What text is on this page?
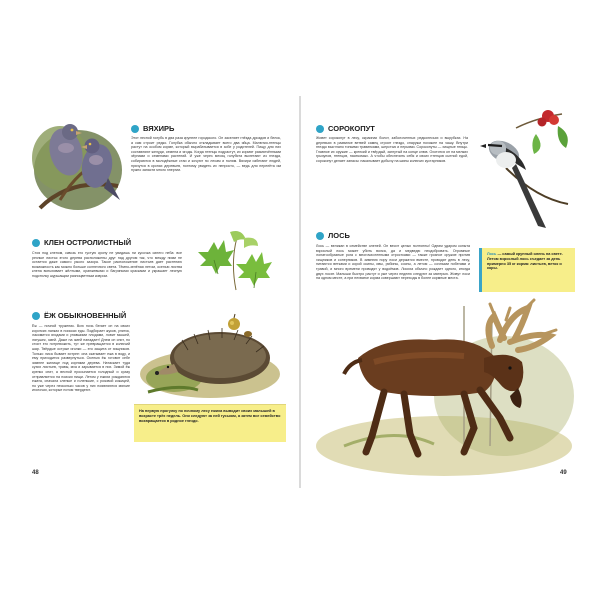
ВЯХИРЬ
Этот лесной голубь в два раза крупнее городского. Он заселяет гнёзда дроздов и белок, а сам строит редко. Голубка обычно откладывает всего два яйца. Малютки-птенцы растут на особом корме, который вырабатывается в зобе у родителей. Пищу для них составляют желуди, семена и ягоды. Когда птенцы подрастут, их кормят размягчёнными зёрнами и семенами растений. И уже через месяц голубята вылетают из гнезда, собираются в молодёжные стаи и кочуют по лесам и полям. Вяхири избегают людей, прячутся в кронах деревьев, поэтому увидеть их непросто, — ведь для перелёта им нужно запасти много энергии.
КЛЕН ОСТРОЛИСТНЫЙ
Стоя под кленом, сквозь его густую крону не увидишь ни кусочка синего неба: все резные листья этого дерева расположены друг над другом так, что между ними не остается даже самого узкого зазора. Такое расположение листьев дает растению возможность как можно больше солнечного света. Тёмно-зелёная летом, осенью листва клена вспыхивает жёлтыми, оранжевыми и багряными красками и украшает лесную подстилку шуршащим разноцветным ковром.
ЁЖ ОБЫКНОВЕННЫЙ
Ёж — ночной труженик. Всю ночь бегает он на своих коротких лапках в поисках еды. Подбирает жуков, улиток, лакомится ягодами и упавшими плодами, ловит мышей, лягушек, змей. Даже на змей нападает! Днем он спит, но стоит его потревожить, тут же превращается в колючий шар. Твёрдые острые иголки — его защита от хищников. Только лиса бывает хитрее: она скатывает ежа в воду, и ему приходится развернуться. Осенью ёж готовит себе зимнее жилище под корнями дерева. Натаскает туда сухих листьев, травы, мха и зарывается в них. Зимой ёж крепко спит, а весной просыпается голодный и сразу отправляется на поиски пищи. Летом у ежихи рождаются ежата, сначала слепые и голенькие, с розовой кожицей, но уже через несколько часов у них появляются мягкие иголочки, которые потом твердеют.
На первую прогулку по ночному лесу ежиха выводит своих малышей в возрасте трёх недель. Они следуют за ней гуськом, а затем все семейство возвращается в родное гнездо.
48
СОРОКОПУТ
Живет сорокопут в лесу, окраинах болот, заболоченных редколесьях и вырубках. На деревьях в развилке ветвей самец строит гнездо, снаружи похожее на чашу. Внутри гнездо выстлано тонкими травинками, шерстью и перьями. Сорокопуты — хищные птицы. Главное их оружие — крепкий и твёрдый, загнутый на конце клюв. Охотится он на мелких грызунов, птенцов, насекомых. А чтобы обеспечить себя и своих птенцов сытной едой, сорокопут делает запасы: накалывает добычу на шипы колючих кустарников.
ЛОСЬ
Лось — великан в семействе оленей. Он весит целых полтонны! Одним ударом копыта взрослый лось может убить волка, да и медведю несдобровать. Огромные лопатообразные рога с многочисленными отростками — также грозное оружие против хищников и соперников. В зимнюю пору лоси держатся вместе, проводят день в лесу, питаются ветками и корой осины, ивы, рябины, сосны, а летом — сочными побегами и травой, и много времени проводят у водоёмов. Лосиха обычно рождает одного, иногда двух лосят. Малыши быстро растут и уже через неделю следуют за матерью. Живут лоси на одном месте, а при нехватке корма совершают переходы в более кормные места.
Лось — самый крупный олень на свете. Летом взрослый лось съедает за день примерно 35 кг корма: листьев, веток и коры.
49
